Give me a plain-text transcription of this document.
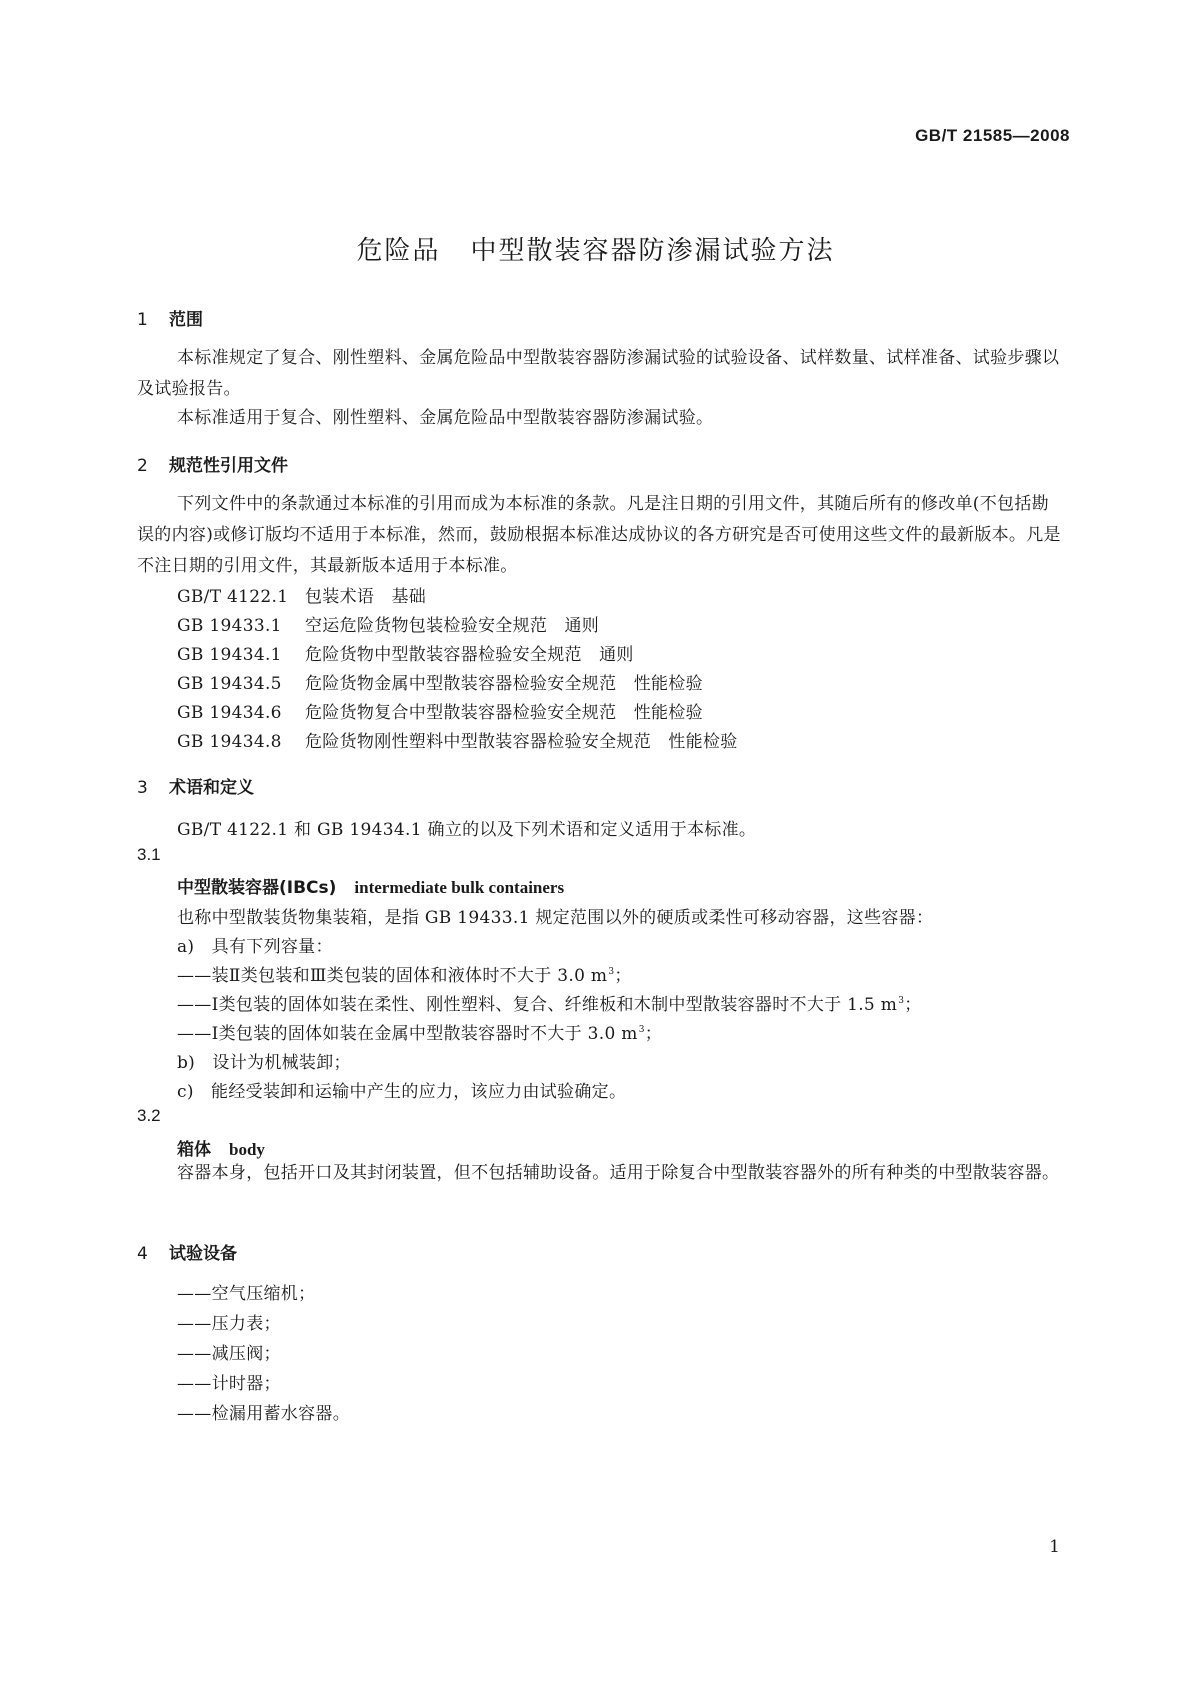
GB/T 21585—2008
危险品 中型散装容器防渗漏试验方法
1 范围
本标准规定了复合、刚性塑料、金属危险品中型散装容器防渗漏试验的试验设备、试样数量、试样准备、试验步骤以及试验报告。
本标准适用于复合、刚性塑料、金属危险品中型散装容器防渗漏试验。
2 规范性引用文件
下列文件中的条款通过本标准的引用而成为本标准的条款。凡是注日期的引用文件，其随后所有的修改单(不包括勘误的内容)或修订版均不适用于本标准，然而，鼓励根据本标准达成协议的各方研究是否可使用这些文件的最新版本。凡是不注日期的引用文件，其最新版本适用于本标准。
GB/T 4122.1 包装术语　基础
GB 19433.1 空运危险货物包装检验安全规范　通则
GB 19434.1 危险货物中型散装容器检验安全规范　通则
GB 19434.5 危险货物金属中型散装容器检验安全规范　性能检验
GB 19434.6 危险货物复合中型散装容器检验安全规范　性能检验
GB 19434.8 危险货物刚性塑料中型散装容器检验安全规范　性能检验
3 术语和定义
GB/T 4122.1 和 GB 19434.1 确立的以及下列术语和定义适用于本标准。
3.1
中型散装容器(IBCs) intermediate bulk containers
也称中型散装货物集装箱，是指 GB 19433.1 规定范围以外的硬质或柔性可移动容器，这些容器：
a)　具有下列容量：
——装Ⅱ类包装和Ⅲ类包装的固体和液体时不大于 3.0 $m^3$；
——Ⅰ类包装的固体如装在柔性、刚性塑料、复合、纤维板和木制中型散装容器时不大于 1.5 $m^3$；
——Ⅰ类包装的固体如装在金属中型散装容器时不大于 3.0 $m^3$；
b)　设计为机械装卸；
c)　能经受装卸和运输中产生的应力，该应力由试验确定。
3.2
箱体 body
容器本身，包括开口及其封闭装置，但不包括辅助设备。适用于除复合中型散装容器外的所有种类的中型散装容器。
4 试验设备
——空气压缩机；
——压力表；
——减压阀；
——计时器；
——检漏用蓄水容器。
1
